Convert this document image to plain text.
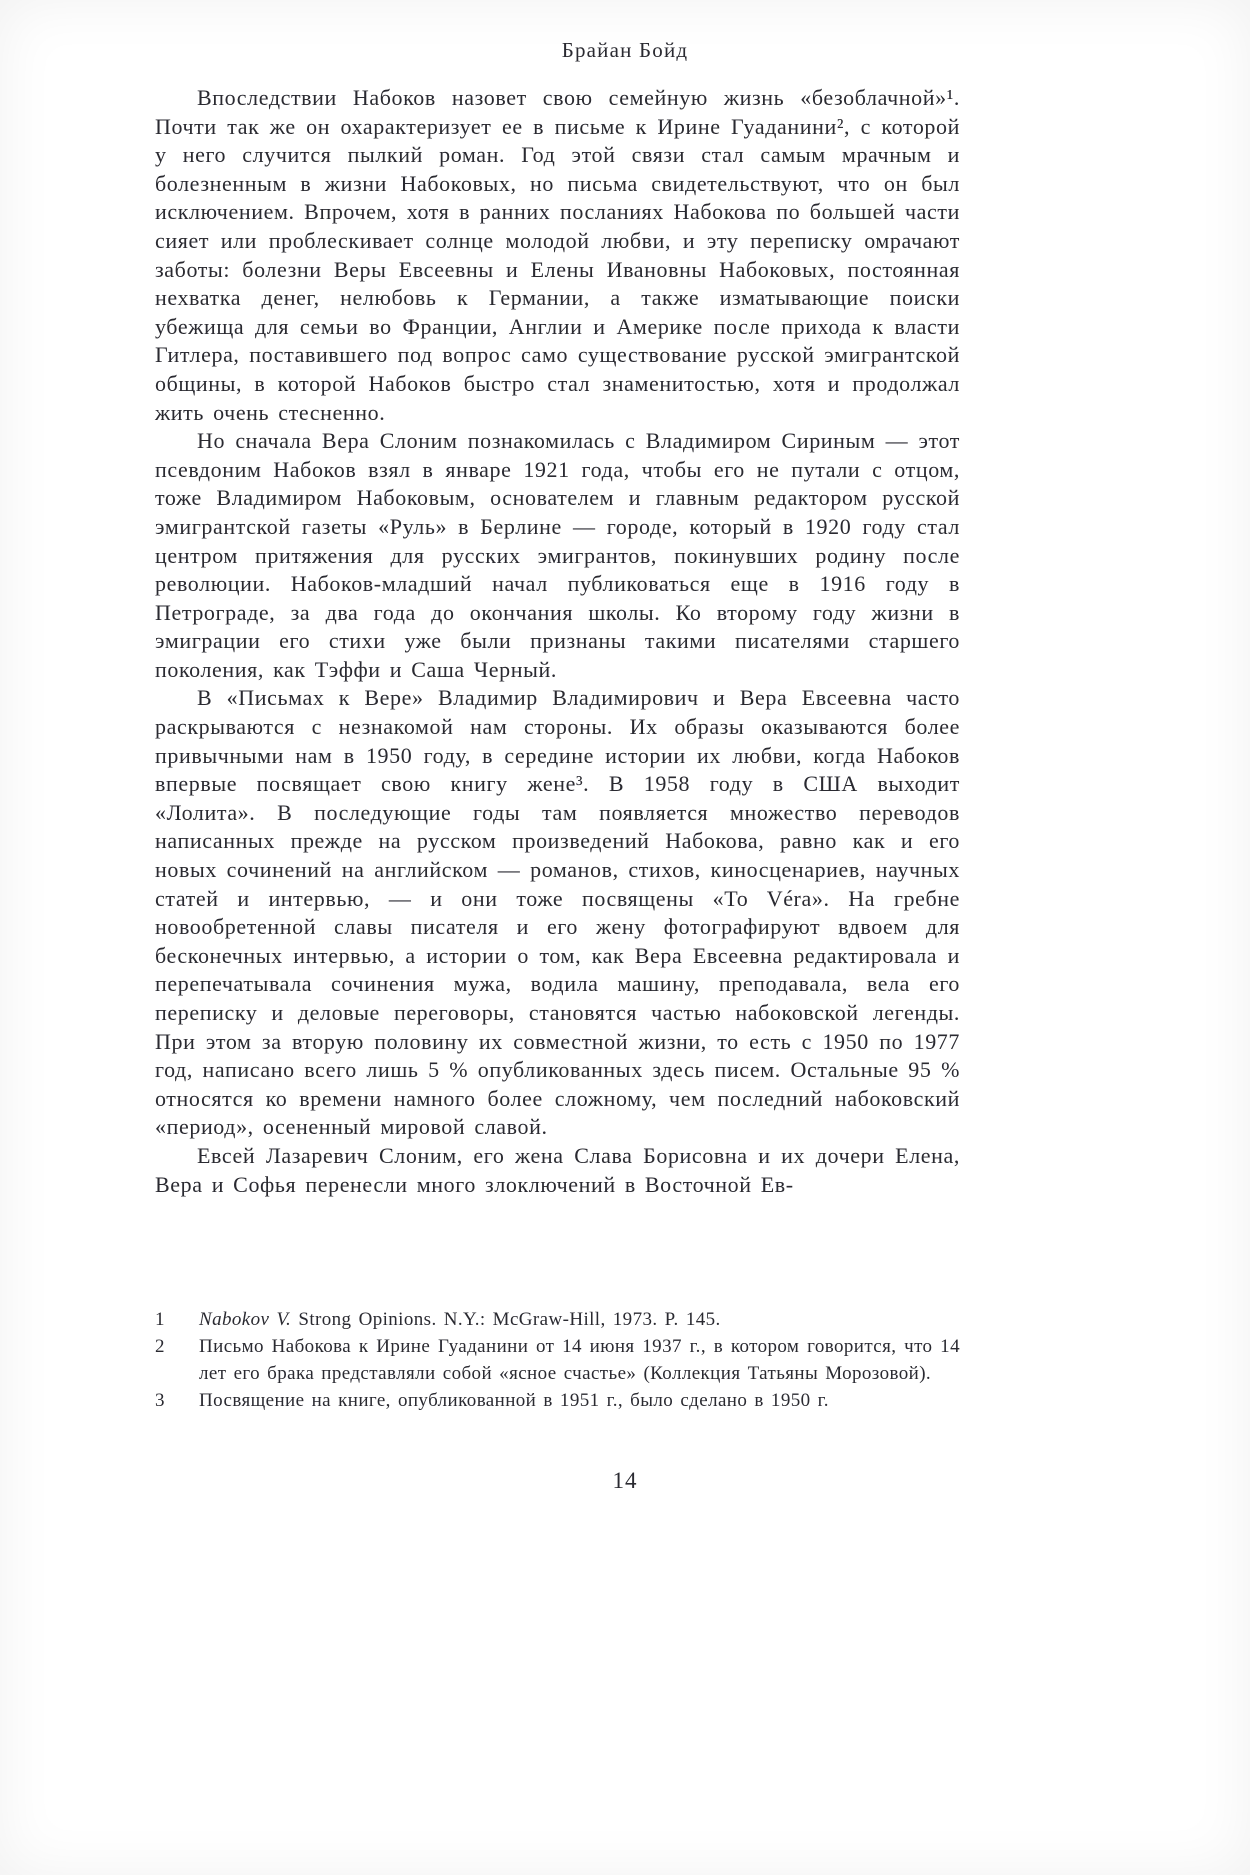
Брайан Бойд

Впоследствии Набоков назовет свою семейную жизнь «безоблачной»¹. Почти так же он охарактеризует ее в письме к Ирине Гуаданини², с которой у него случится пылкий роман. Год этой связи стал самым мрачным и болезненным в жизни Набоковых, но письма свидетельствуют, что он был исключением. Впрочем, хотя в ранних посланиях Набокова по большей части сияет или проблескивает солнце молодой любви, и эту переписку омрачают заботы: болезни Веры Евсеевны и Елены Ивановны Набоковых, постоянная нехватка денег, нелюбовь к Германии, а также изматывающие поиски убежища для семьи во Франции, Англии и Америке после прихода к власти Гитлера, поставившего под вопрос само существование русской эмигрантской общины, в которой Набоков быстро стал знаменитостью, хотя и продолжал жить очень стесненно.

Но сначала Вера Слоним познакомилась с Владимиром Сириным — этот псевдоним Набоков взял в январе 1921 года, чтобы его не путали с отцом, тоже Владимиром Набоковым, основателем и главным редактором русской эмигрантской газеты «Руль» в Берлине — городе, который в 1920 году стал центром притяжения для русских эмигрантов, покинувших родину после революции. Набоков-младший начал публиковаться еще в 1916 году в Петрограде, за два года до окончания школы. Ко второму году жизни в эмиграции его стихи уже были признаны такими писателями старшего поколения, как Тэффи и Саша Черный.

В «Письмах к Вере» Владимир Владимирович и Вера Евсеевна часто раскрываются с незнакомой нам стороны. Их образы оказываются более привычными нам в 1950 году, в середине истории их любви, когда Набоков впервые посвящает свою книгу жене³. В 1958 году в США выходит «Лолита». В последующие годы там появляется множество переводов написанных прежде на русском произведений Набокова, равно как и его новых сочинений на английском — романов, стихов, киносценариев, научных статей и интервью, — и они тоже посвящены «To Véra». На гребне новообретенной славы писателя и его жену фотографируют вдвоем для бесконечных интервью, а истории о том, как Вера Евсеевна редактировала и перепечатывала сочинения мужа, водила машину, преподавала, вела его переписку и деловые переговоры, становятся частью набоковской легенды. При этом за вторую половину их совместной жизни, то есть с 1950 по 1977 год, написано всего лишь 5 % опубликованных здесь писем. Остальные 95 % относятся ко времени намного более сложному, чем последний набоковский «период», осененный мировой славой.

Евсей Лазаревич Слоним, его жена Слава Борисовна и их дочери Елена, Вера и Софья перенесли много злоключений в Восточной Ев-

1 Nabokov V. Strong Opinions. N.Y.: McGraw-Hill, 1973. P. 145.

2 Письмо Набокова к Ирине Гуаданини от 14 июня 1937 г., в котором говорится, что 14 лет его брака представляли собой «ясное счастье» (Коллекция Татьяны Морозовой).

3 Посвящение на книге, опубликованной в 1951 г., было сделано в 1950 г.

14
